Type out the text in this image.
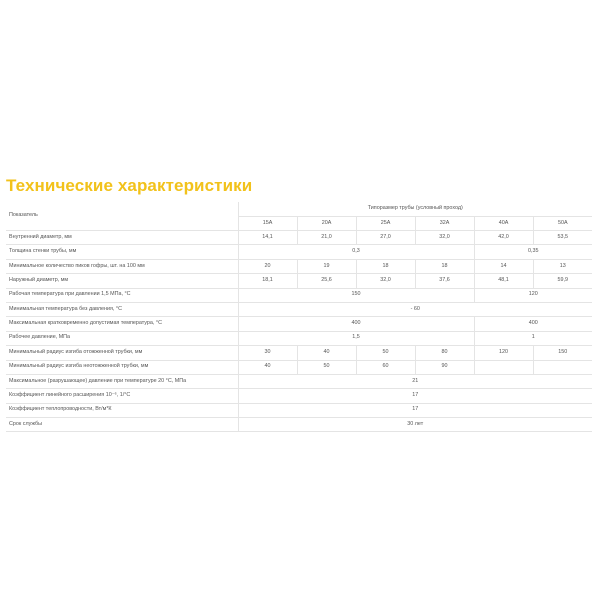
Технические характеристики
Показатель	Типоразмер трубы (условный проход)					
	15A	20A	25A	32A	40A	50A
Внутренний диаметр, мм	14,1	21,0	27,0	32,0	42,0	53,5
Толщина стенки трубы, мм	0,3				0,35	
Минимальное количество пиков гофры, шт. на 100 мм	20	19	18	18	14	13
Наружный диаметр, мм	18,1	25,6	32,0	37,6	48,1	59,9
Рабочая температура при давлении 1,5 МПа, °C	150				120	
Минимальная температура без давления, °C	- 60					
Максимальная кратковременно допустимая температура, °C	400				400	
Рабочее давление, МПа	1,5				1	
Минимальный радиус изгиба отожженной трубки, мм	30	40	50	80	120	150
Минимальный радиус изгиба неотожженной трубки, мм	40	50	60	90		
Максимальное (разрушающее) давление при температуре 20 °C, МПа	21					
Коэффициент линейного расширения 10⁻⁶, 1/°C	17					
Коэффициент теплопроводности, Вт/м*К	17					
Срок службы	30 лет					
